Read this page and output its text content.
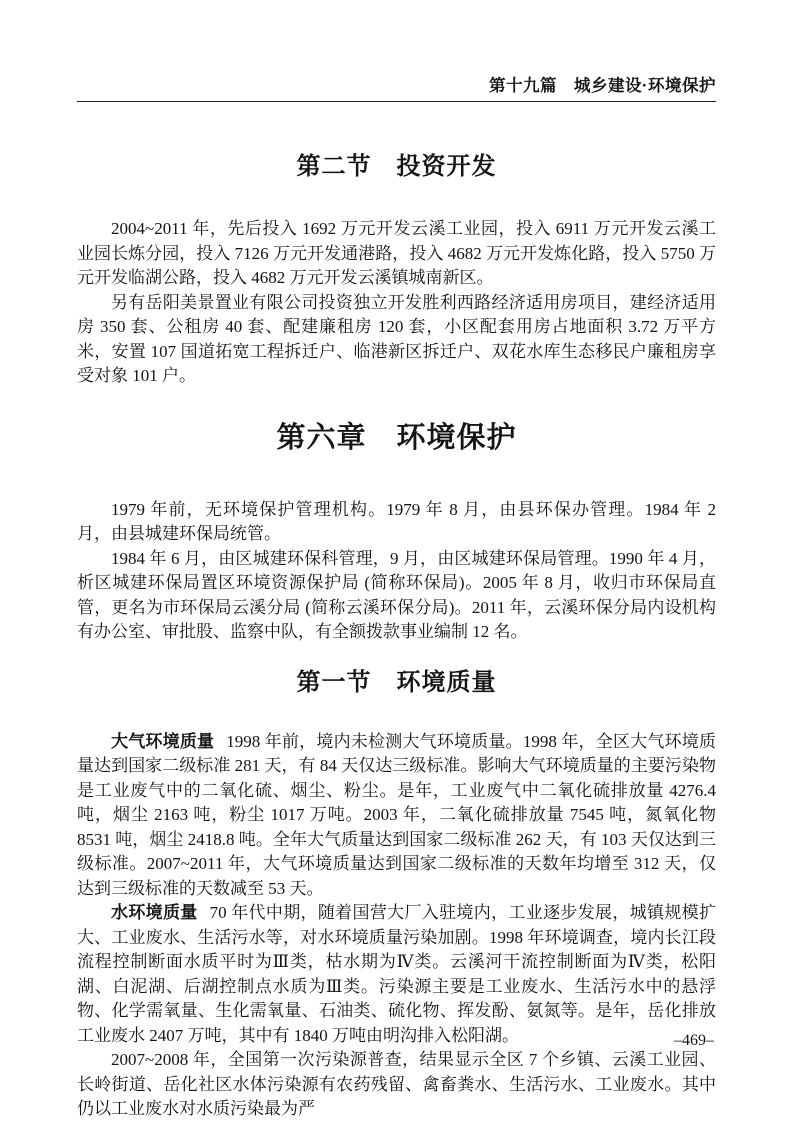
第十九篇　城乡建设·环境保护
第二节　投资开发

2004~2011 年，先后投入 1692 万元开发云溪工业园，投入 6911 万元开发云溪工业园长炼分园，投入 7126 万元开发通港路，投入 4682 万元开发炼化路，投入 5750 万元开发临湖公路，投入 4682 万元开发云溪镇城南新区。

另有岳阳美景置业有限公司投资独立开发胜利西路经济适用房项目，建经济适用房 350 套、公租房 40 套、配建廉租房 120 套，小区配套用房占地面积 3.72 万平方米，安置 107 国道拓宽工程拆迁户、临港新区拆迁户、双花水库生态移民户廉租房享受对象 101 户。

第六章　环境保护

1979 年前，无环境保护管理机构。1979 年 8 月，由县环保办管理。1984 年 2 月，由县城建环保局统管。

1984 年 6 月，由区城建环保科管理，9 月，由区城建环保局管理。1990 年 4 月，析区城建环保局置区环境资源保护局 (简称环保局)。2005 年 8 月，收归市环保局直管，更名为市环保局云溪分局 (简称云溪环保分局)。2011 年，云溪环保分局内设机构有办公室、审批股、监察中队，有全额拨款事业编制 12 名。

第一节　环境质量

大气环境质量 1998 年前，境内未检测大气环境质量。1998 年，全区大气环境质量达到国家二级标准 281 天，有 84 天仅达三级标准。影响大气环境质量的主要污染物是工业废气中的二氧化硫、烟尘、粉尘。是年，工业废气中二氧化硫排放量 4276.4 吨，烟尘 2163 吨，粉尘 1017 万吨。2003 年，二氧化硫排放量 7545 吨，氮氧化物 8531 吨，烟尘 2418.8 吨。全年大气质量达到国家二级标准 262 天，有 103 天仅达到三级标准。2007~2011 年，大气环境质量达到国家二级标准的天数年均增至 312 天，仅达到三级标准的天数减至 53 天。

水环境质量 70 年代中期，随着国营大厂入驻境内，工业逐步发展，城镇规模扩大、工业废水、生活污水等，对水环境质量污染加剧。1998 年环境调查，境内长江段流程控制断面水质平时为Ⅲ类，枯水期为Ⅳ类。云溪河干流控制断面为Ⅳ类，松阳湖、白泥湖、后湖控制点水质为Ⅲ类。污染源主要是工业废水、生活污水中的悬浮物、化学需氧量、生化需氧量、石油类、硫化物、挥发酚、氨氮等。是年，岳化排放工业废水 2407 万吨，其中有 1840 万吨由明沟排入松阳湖。

2007~2008 年，全国第一次污染源普查，结果显示全区 7 个乡镇、云溪工业园、长岭街道、岳化社区水体污染源有农药残留、禽畜粪水、生活污水、工业废水。其中仍以工业废水对水质污染最为严

–469–
